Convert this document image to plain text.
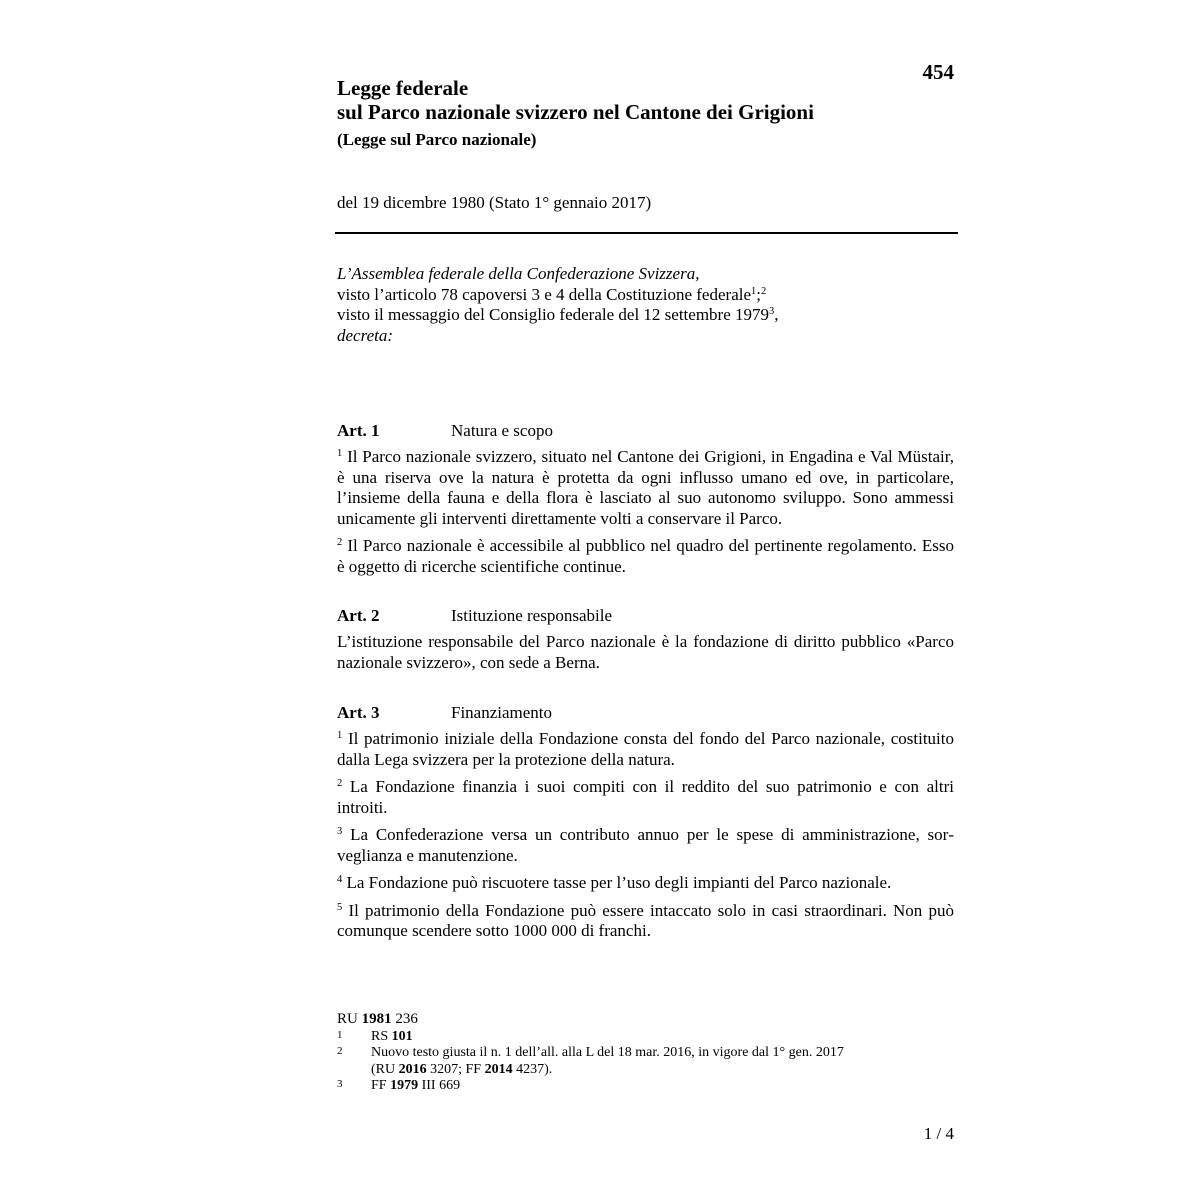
454
Legge federale
sul Parco nazionale svizzero nel Cantone dei Grigioni
(Legge sul Parco nazionale)
del 19 dicembre 1980 (Stato 1° gennaio 2017)
L’Assemblea federale della Confederazione Svizzera,
visto l’articolo 78 capoversi 3 e 4 della Costituzione federale$^1$;$^2$
visto il messaggio del Consiglio federale del 12 settembre 1979$^3$,
decreta:
Art. 1	Natura e scopo

$^1$ Il Parco nazionale svizzero, situato nel Cantone dei Grigioni, in Engadina e Val Müstair, è una riserva ove la natura è protetta da ogni influsso umano ed ove, in particolare, l’insieme della fauna e della flora è lasciato al suo autonomo sviluppo. Sono ammessi unicamente gli interventi direttamente volti a conservare il Parco.

$^2$ Il Parco nazionale è accessibile al pubblico nel quadro del pertinente regolamento. Esso è oggetto di ricerche scientifiche continue.

Art. 2	Istituzione responsabile

L’istituzione responsabile del Parco nazionale è la fondazione di diritto pubblico «Parco nazionale svizzero», con sede a Berna.

Art. 3	Finanziamento

$^1$ Il patrimonio iniziale della Fondazione consta del fondo del Parco nazionale, costituito dalla Lega svizzera per la protezione della natura.

$^2$ La Fondazione finanzia i suoi compiti con il reddito del suo patrimonio e con altri introiti.

$^3$ La Confederazione versa un contributo annuo per le spese di amministrazione, sorveglianza e manutenzione.

$^4$ La Fondazione può riscuotere tasse per l’uso degli impianti del Parco nazionale.

$^5$ Il patrimonio della Fondazione può essere intaccato solo in casi straordinari. Non può comunque scendere sotto 1000 000 di franchi.

RU 1981 236
1	RS 101
2	Nuovo testo giusta il n. 1 dell’all. alla L del 18 mar. 2016, in vigore dal 1° gen. 2017
(RU 2016 3207; FF 2014 4237).
3	FF 1979 III 669
1 / 4
